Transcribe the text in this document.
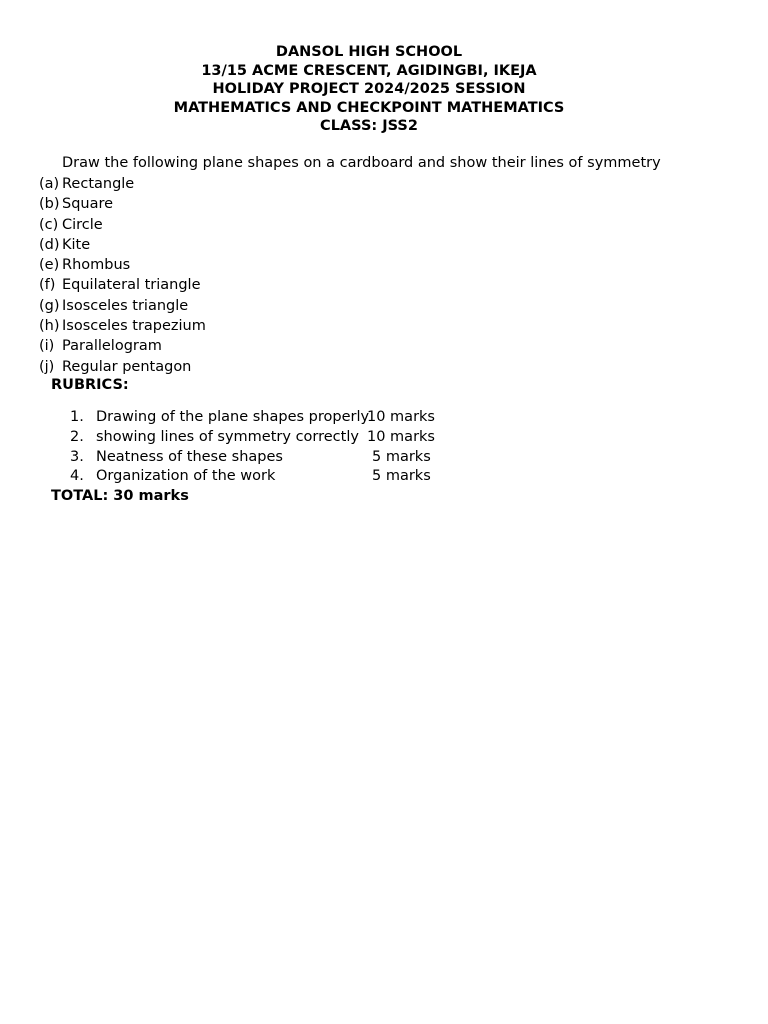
DANSOL HIGH SCHOOL
13/15 ACME CRESCENT, AGIDINGBI, IKEJA
HOLIDAY PROJECT 2024/2025 SESSION
MATHEMATICS AND CHECKPOINT MATHEMATICS
CLASS: JSS2
Draw the following plane shapes on a cardboard and show their lines of symmetry
(a) Rectangle
(b) Square
(c) Circle
(d) Kite
(e) Rhombus
(f) Equilateral triangle
(g) Isosceles triangle
(h) Isosceles trapezium
(i) Parallelogram
(j) Regular pentagon
RUBRICS:
1. Drawing of the plane shapes properly
10 marks
2. showing lines of symmetry correctly 10 marks
3. Neatness of these shapes	5 marks
4. Organization of the work	5 marks
TOTAL: 30 marks
